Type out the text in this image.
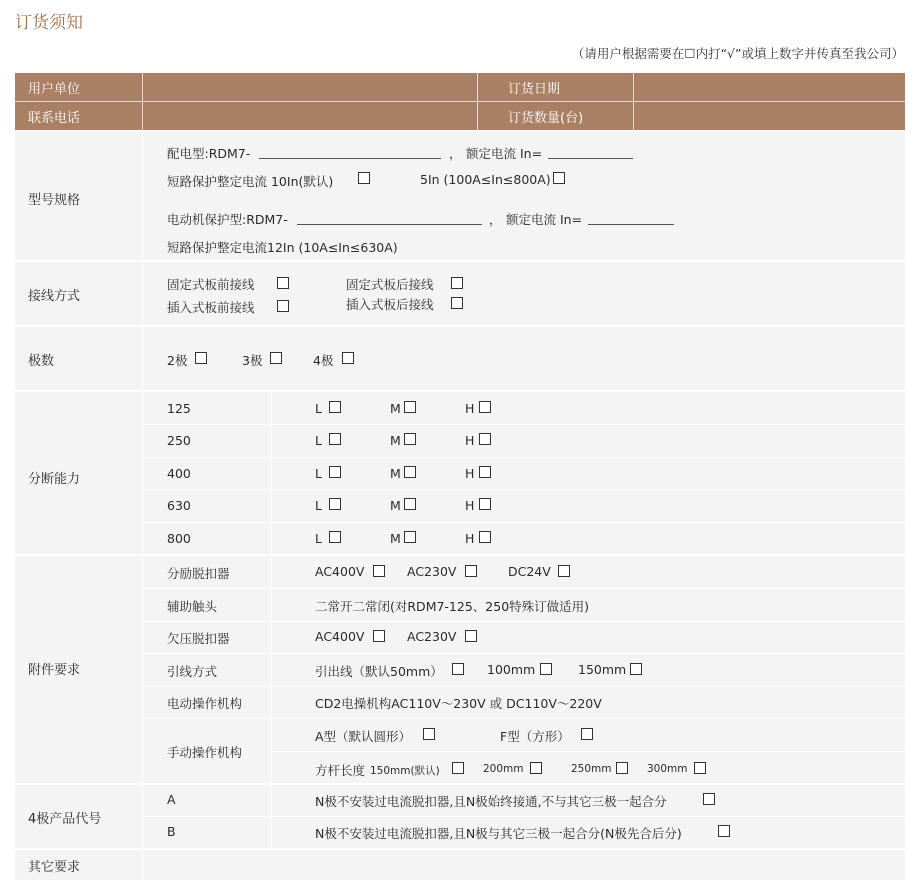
订货须知
（请用户根据需要在☐内打“√”或填上数字并传真至我公司）
用户单位	订货日期
联系电话	订货数量(台)
型号规格
配电型:RDM7-	， 额定电流 In=
短路保护整定电流 10In(默认)	5In (100A≤In≤800A)
电动机保护型:RDM7-	， 额定电流 In=
短路保护整定电流12In (10A≤In≤630A)
接线方式
固定式板前接线	固定式板后接线
插入式板前接线	插入式板后接线
极数	2极	3极	4极
分断能力
125	L	M	H
250	L	M	H
400	L	M	H
630	L	M	H
800	L	M	H
附件要求
分励脱扣器	AC400V	AC230V	DC24V
辅助触头	二常开二常闭(对RDM7-125、250特殊订做适用)
欠压脱扣器	AC400V	AC230V
引线方式	引出线（默认50mm）	100mm	150mm
电动操作机构	CD2电操机构AC110V～230V 或 DC110V～220V
手动操作机构
A型（默认圆形）	F型（方形）
方杆长度 150mm(默认)	200mm	250mm	300mm
4极产品代号
A	N极不安装过电流脱扣器,且N极始终接通,不与其它三极一起合分
B	N极不安装过电流脱扣器,且N极与其它三极一起合分(N极先合后分)
其它要求
